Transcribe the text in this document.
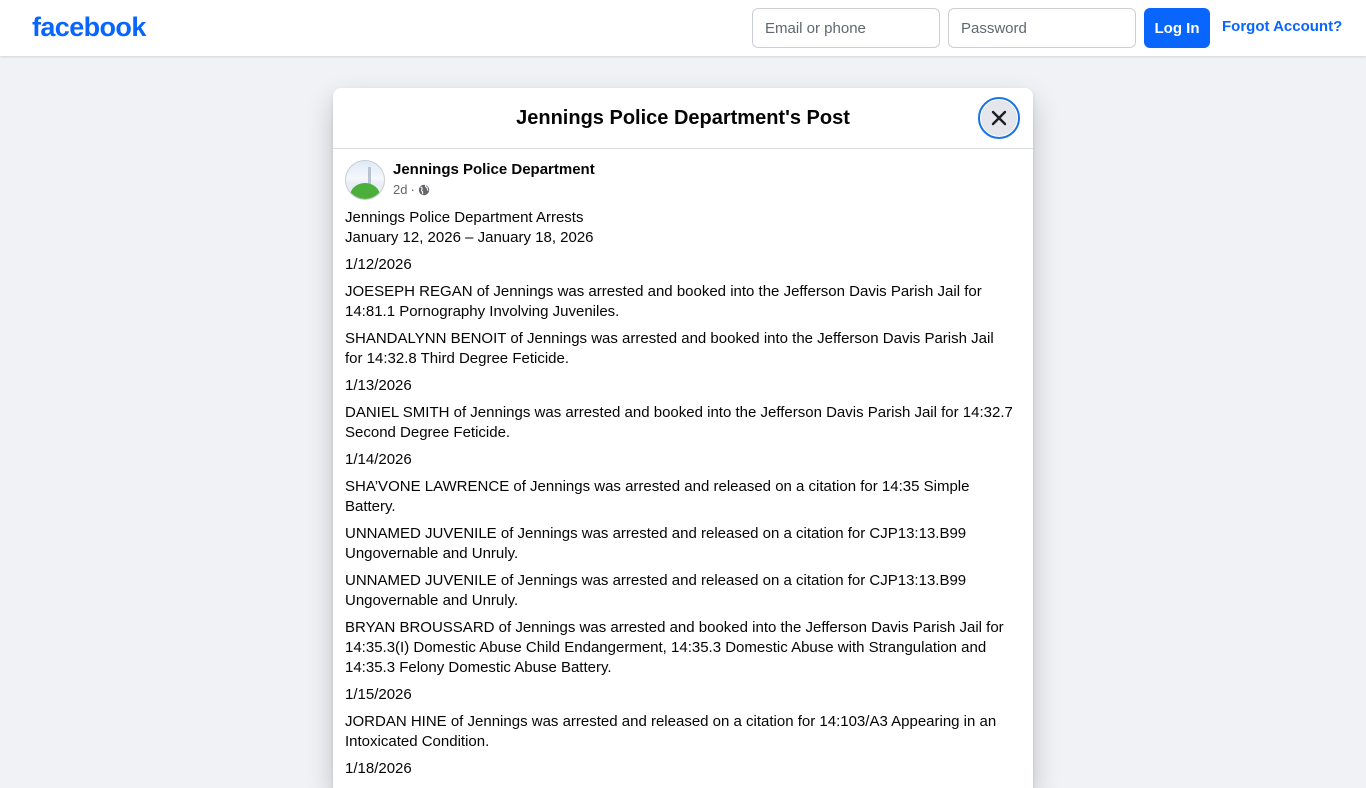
facebook
Email or phone	Log In	Forgot Account?
Jennings Police Department's Post
Jennings Police Department
2d ·
Jennings Police Department Arrests
January 12, 2026 – January 18, 2026
1/12/2026
JOESEPH REGAN of Jennings was arrested and booked into the Jefferson Davis Parish Jail for 14:81.1 Pornography Involving Juveniles.
SHANDALYNN BENOIT of Jennings was arrested and booked into the Jefferson Davis Parish Jail for 14:32.8 Third Degree Feticide.
1/13/2026
DANIEL SMITH of Jennings was arrested and booked into the Jefferson Davis Parish Jail for 14:32.7 Second Degree Feticide.
1/14/2026
SHA’VONE LAWRENCE of Jennings was arrested and released on a citation for 14:35 Simple Battery.
UNNAMED JUVENILE of Jennings was arrested and released on a citation for CJP13:13.B99 Ungovernable and Unruly.
UNNAMED JUVENILE of Jennings was arrested and released on a citation for CJP13:13.B99 Ungovernable and Unruly.
BRYAN BROUSSARD of Jennings was arrested and booked into the Jefferson Davis Parish Jail for 14:35.3(I) Domestic Abuse Child Endangerment, 14:35.3 Domestic Abuse with Strangulation and 14:35.3 Felony Domestic Abuse Battery.
1/15/2026
JORDAN HINE of Jennings was arrested and released on a citation for 14:103/A3 Appearing in an Intoxicated Condition.
1/18/2026
